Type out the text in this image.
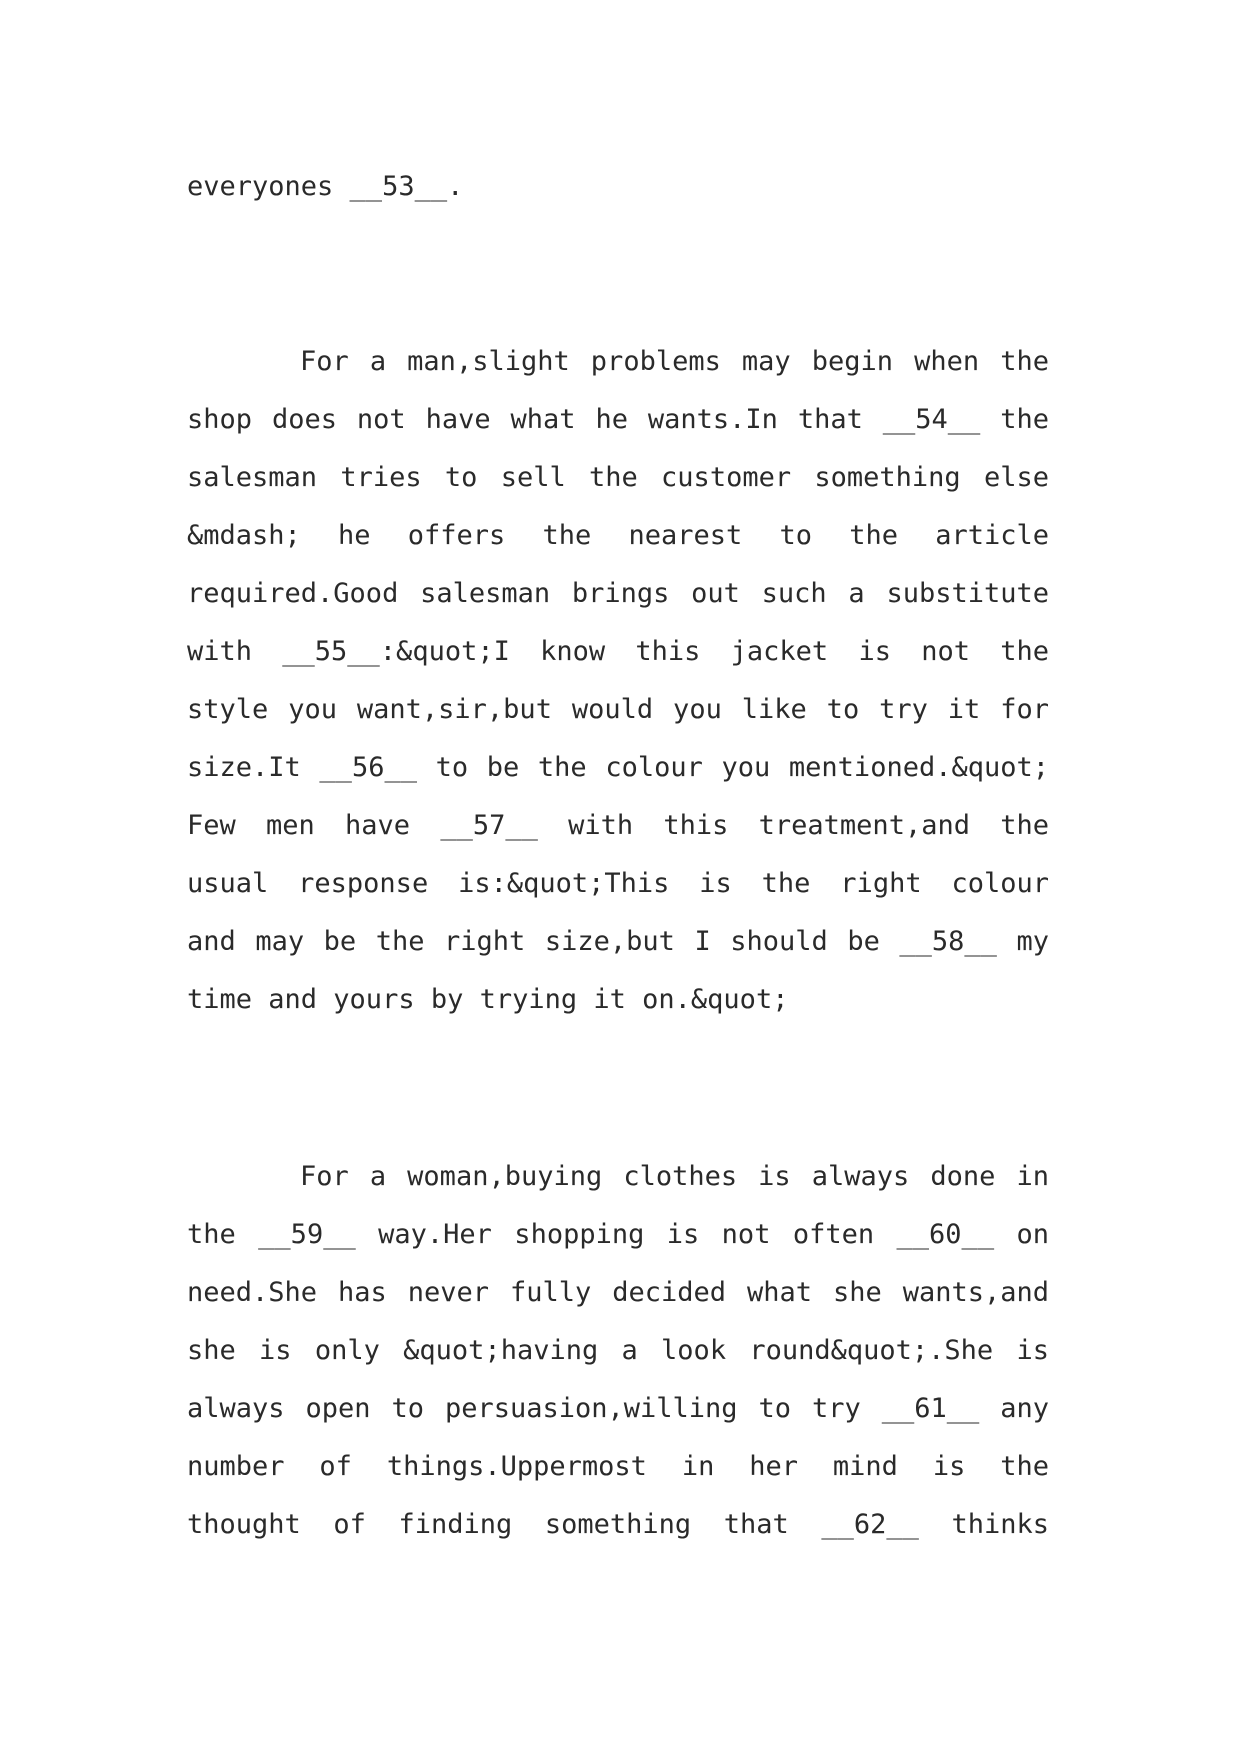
everyones __53__.
For a man,slight problems may begin when the
shop does not have what he wants.In that __54__ the
salesman tries to sell the customer something else
&mdash; he offers the nearest to the article
required.Good salesman brings out such a substitute
with __55__:&quot;I know this jacket is not the
style you want,sir,but would you like to try it for
size.It __56__ to be the colour you mentioned.&quot;
Few men have __57__ with this treatment,and the
usual response is:&quot;This is the right colour
and may be the right size,but I should be __58__ my
time and yours by trying it on.&quot;
For a woman,buying clothes is always done in
the __59__ way.Her shopping is not often __60__ on
need.She has never fully decided what she wants,and
she is only &quot;having a look round&quot;.She is
always open to persuasion,willing to try __61__ any
number of things.Uppermost in her mind is the
thought of finding something that __62__ thinks
